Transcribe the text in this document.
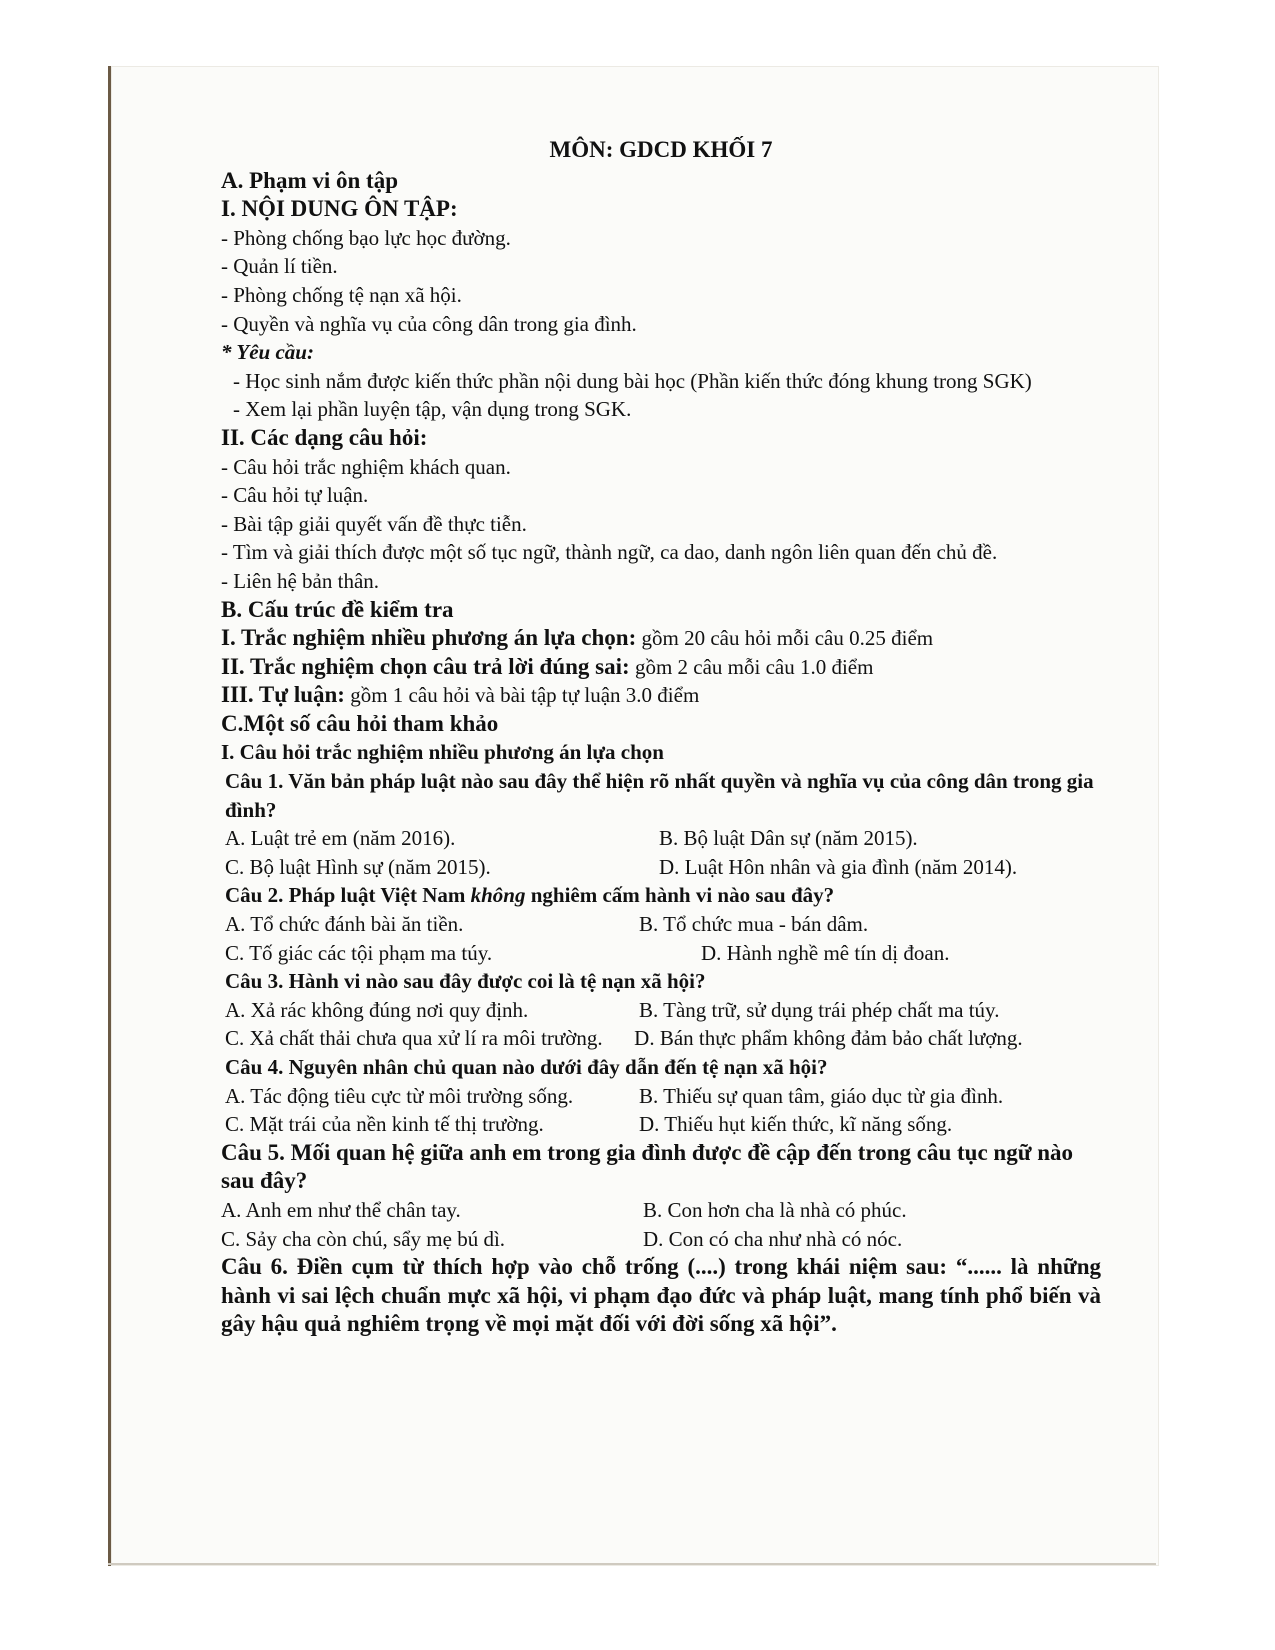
MÔN: GDCD KHỐI 7

A. Phạm vi ôn tập

I. NỘI DUNG ÔN TẬP:

- Phòng chống bạo lực học đường.

- Quản lí tiền.

- Phòng chống tệ nạn xã hội.

- Quyền và nghĩa vụ của công dân trong gia đình.

* Yêu cầu:

- Học sinh nắm được kiến thức phần nội dung bài học (Phần kiến thức đóng khung trong SGK)

- Xem lại phần luyện tập, vận dụng trong SGK.

II. Các dạng câu hỏi:

- Câu hỏi trắc nghiệm khách quan.

- Câu hỏi tự luận.

- Bài tập giải quyết vấn đề thực tiễn.

- Tìm và giải thích được một số tục ngữ, thành ngữ, ca dao, danh ngôn liên quan đến chủ đề.

- Liên hệ bản thân.

B. Cấu trúc đề kiểm tra

I. Trắc nghiệm nhiều phương án lựa chọn: gồm 20 câu hỏi mỗi câu 0.25 điểm

II. Trắc nghiệm chọn câu trả lời đúng sai: gồm 2 câu mỗi câu 1.0 điểm

III. Tự luận: gồm 1 câu hỏi và bài tập tự luận 3.0 điểm

C.Một số câu hỏi tham khảo

I. Câu hỏi trắc nghiệm nhiều phương án lựa chọn

Câu 1. Văn bản pháp luật nào sau đây thể hiện rõ nhất quyền và nghĩa vụ của công dân trong gia đình?

A. Luật trẻ em (năm 2016).	B. Bộ luật Dân sự (năm 2015).
C. Bộ luật Hình sự (năm 2015).	D. Luật Hôn nhân và gia đình (năm 2014).

Câu 2. Pháp luật Việt Nam không nghiêm cấm hành vi nào sau đây?

A. Tổ chức đánh bài ăn tiền.	B. Tổ chức mua - bán dâm.
C. Tố giác các tội phạm ma túy.	D. Hành nghề mê tín dị đoan.

Câu 3. Hành vi nào sau đây được coi là tệ nạn xã hội?

A. Xả rác không đúng nơi quy định.	B. Tàng trữ, sử dụng trái phép chất ma túy.
C. Xả chất thải chưa qua xử lí ra môi trường. D. Bán thực phẩm không đảm bảo chất lượng.

Câu 4. Nguyên nhân chủ quan nào dưới đây dẫn đến tệ nạn xã hội?

A. Tác động tiêu cực từ môi trường sống.	B. Thiếu sự quan tâm, giáo dục từ gia đình.
C. Mặt trái của nền kinh tế thị trường.	D. Thiếu hụt kiến thức, kĩ năng sống.

Câu 5. Mối quan hệ giữa anh em trong gia đình được đề cập đến trong câu tục ngữ nào sau đây?

A. Anh em như thể chân tay.	B. Con hơn cha là nhà có phúc.
C. Sảy cha còn chú, sẩy mẹ bú dì.	D. Con có cha như nhà có nóc.

Câu 6. Điền cụm từ thích hợp vào chỗ trống (....) trong khái niệm sau: “...... là những hành vi sai lệch chuẩn mực xã hội, vi phạm đạo đức và pháp luật, mang tính phổ biến và gây hậu quả nghiêm trọng về mọi mặt đối với đời sống xã hội”.
